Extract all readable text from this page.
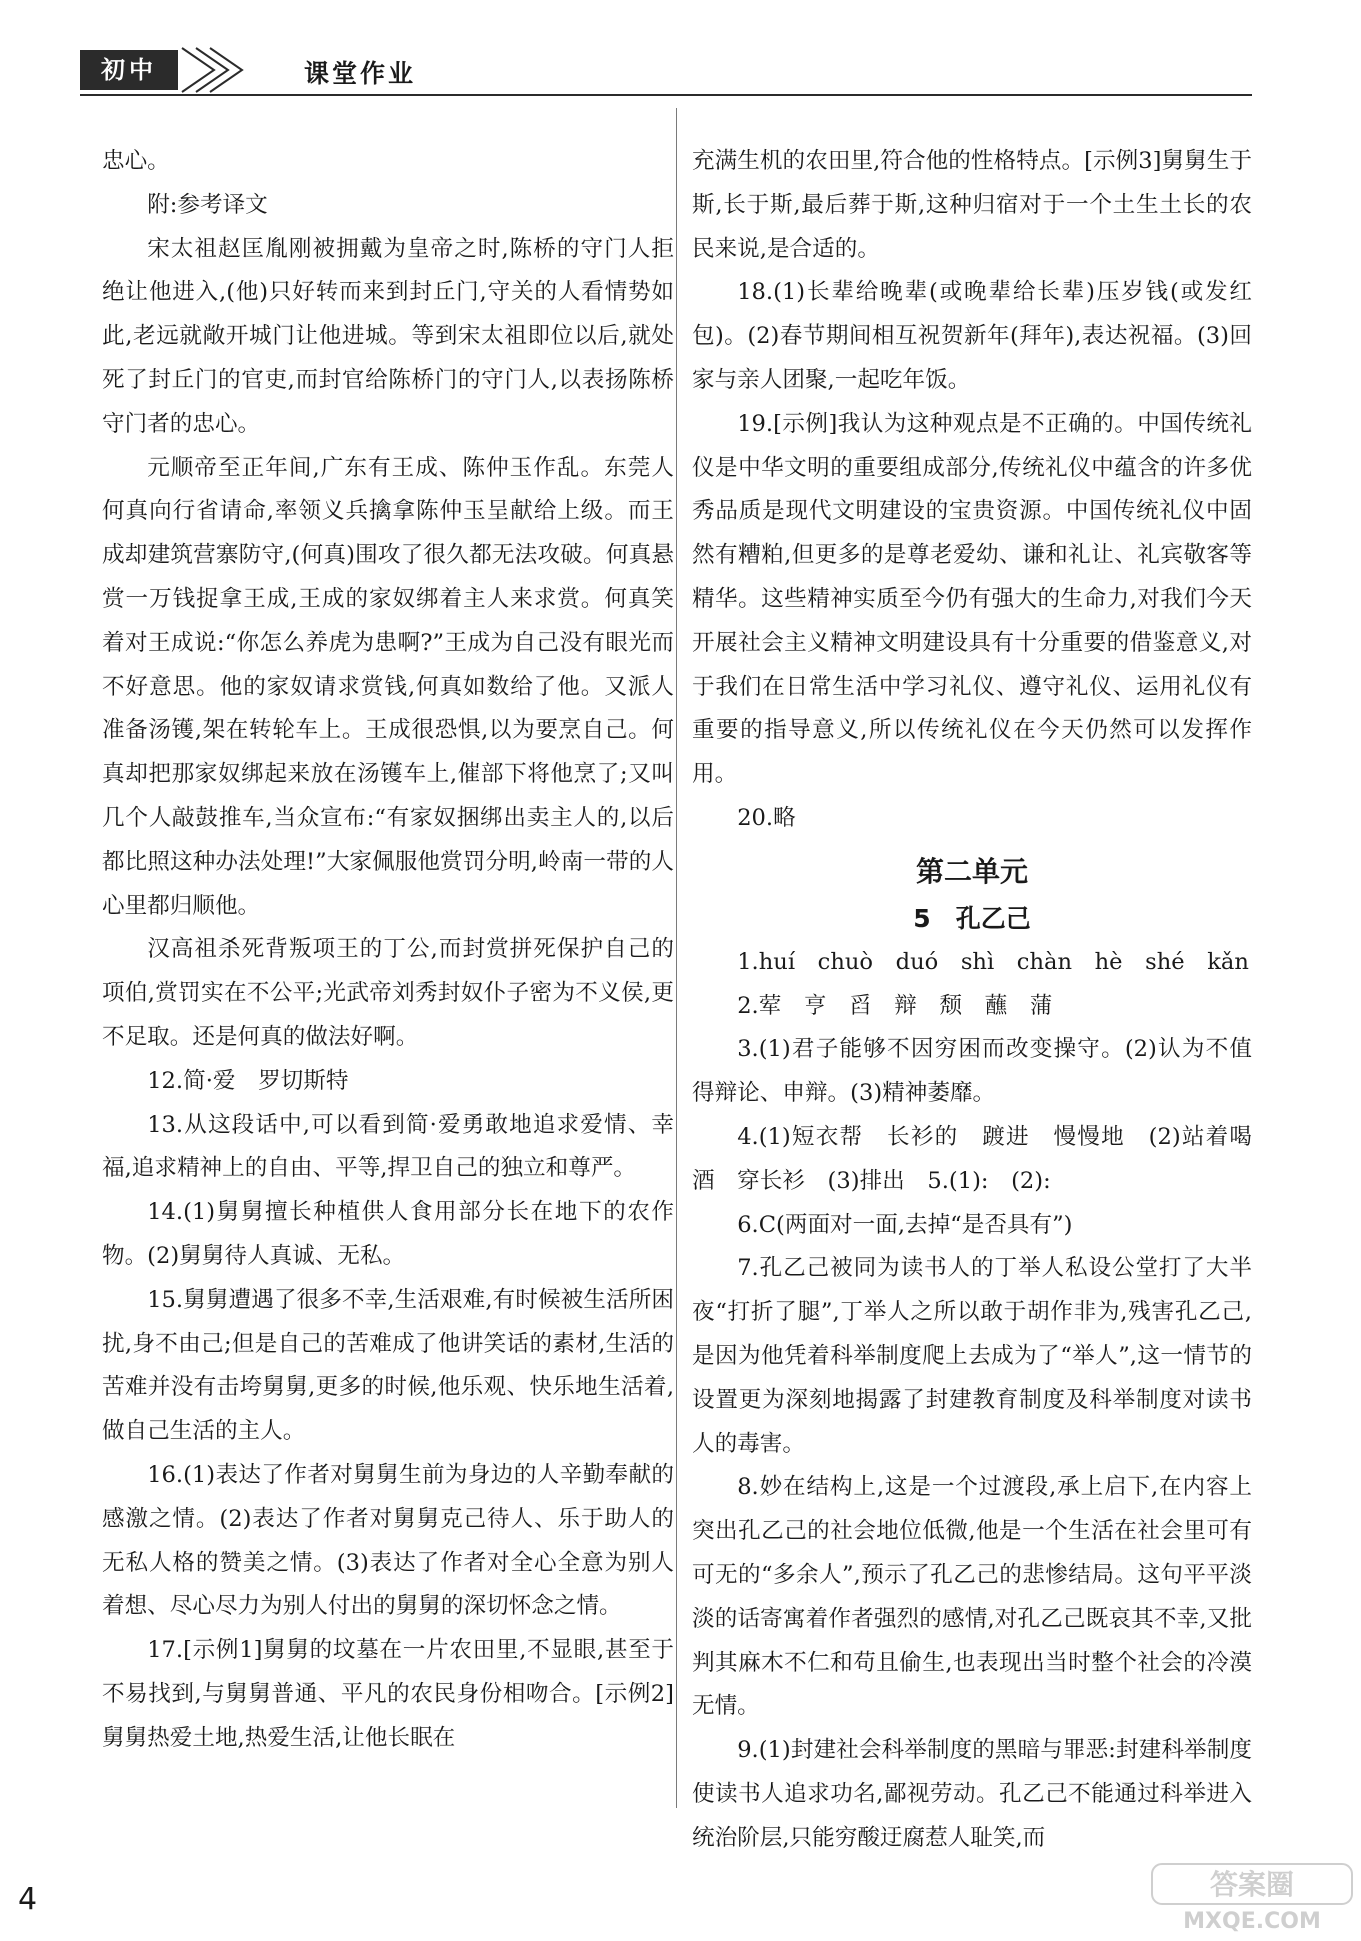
初中	课堂作业

忠心。

附:参考译文

宋太祖赵匡胤刚被拥戴为皇帝之时,陈桥的守门人拒绝让他进入,(他)只好转而来到封丘门,守关的人看情势如此,老远就敞开城门让他进城。等到宋太祖即位以后,就处死了封丘门的官吏,而封官给陈桥门的守门人,以表扬陈桥守门者的忠心。

元顺帝至正年间,广东有王成、陈仲玉作乱。东莞人何真向行省请命,率领义兵擒拿陈仲玉呈献给上级。而王成却建筑营寨防守,(何真)围攻了很久都无法攻破。何真悬赏一万钱捉拿王成,王成的家奴绑着主人来求赏。何真笑着对王成说:“你怎么养虎为患啊?”王成为自己没有眼光而不好意思。他的家奴请求赏钱,何真如数给了他。又派人准备汤镬,架在转轮车上。王成很恐惧,以为要烹自己。何真却把那家奴绑起来放在汤镬车上,催部下将他烹了;又叫几个人敲鼓推车,当众宣布:“有家奴捆绑出卖主人的,以后都比照这种办法处理!”大家佩服他赏罚分明,岭南一带的人心里都归顺他。

汉高祖杀死背叛项王的丁公,而封赏拼死保护自己的项伯,赏罚实在不公平;光武帝刘秀封奴仆子密为不义侯,更不足取。还是何真的做法好啊。

12.简·爱　罗切斯特

13.从这段话中,可以看到简·爱勇敢地追求爱情、幸福,追求精神上的自由、平等,捍卫自己的独立和尊严。

14.(1)舅舅擅长种植供人食用部分长在地下的农作物。(2)舅舅待人真诚、无私。

15.舅舅遭遇了很多不幸,生活艰难,有时候被生活所困扰,身不由己;但是自己的苦难成了他讲笑话的素材,生活的苦难并没有击垮舅舅,更多的时候,他乐观、快乐地生活着,做自己生活的主人。

16.(1)表达了作者对舅舅生前为身边的人辛勤奉献的感激之情。(2)表达了作者对舅舅克己待人、乐于助人的无私人格的赞美之情。(3)表达了作者对全心全意为别人着想、尽心尽力为别人付出的舅舅的深切怀念之情。

17.[示例1]舅舅的坟墓在一片农田里,不显眼,甚至于不易找到,与舅舅普通、平凡的农民身份相吻合。[示例2]舅舅热爱土地,热爱生活,让他长眠在

充满生机的农田里,符合他的性格特点。[示例3]舅舅生于斯,长于斯,最后葬于斯,这种归宿对于一个土生土长的农民来说,是合适的。

18.(1)长辈给晚辈(或晚辈给长辈)压岁钱(或发红包)。(2)春节期间相互祝贺新年(拜年),表达祝福。(3)回家与亲人团聚,一起吃年饭。

19.[示例]我认为这种观点是不正确的。中国传统礼仪是中华文明的重要组成部分,传统礼仪中蕴含的许多优秀品质是现代文明建设的宝贵资源。中国传统礼仪中固然有糟粕,但更多的是尊老爱幼、谦和礼让、礼宾敬客等精华。这些精神实质至今仍有强大的生命力,对我们今天开展社会主义精神文明建设具有十分重要的借鉴意义,对于我们在日常生活中学习礼仪、遵守礼仪、运用礼仪有重要的指导意义,所以传统礼仪在今天仍然可以发挥作用。

20.略

第二单元
5　孔乙己

1.huí　chuò　duó　shì　chàn　hè　shé　kǎn

2.荤　亨　舀　辩　颓　蘸　蒲

3.(1)君子能够不因穷困而改变操守。(2)认为不值得辩论、申辩。(3)精神萎靡。

4.(1)短衣帮　长衫的　踱进　慢慢地　(2)站着喝酒　穿长衫　(3)排出　5.(1):　(2):

6.C(两面对一面,去掉“是否具有”)

7.孔乙己被同为读书人的丁举人私设公堂打了大半夜“打折了腿”,丁举人之所以敢于胡作非为,残害孔乙己,是因为他凭着科举制度爬上去成为了“举人”,这一情节的设置更为深刻地揭露了封建教育制度及科举制度对读书人的毒害。

8.妙在结构上,这是一个过渡段,承上启下,在内容上突出孔乙己的社会地位低微,他是一个生活在社会里可有可无的“多余人”,预示了孔乙己的悲惨结局。这句平平淡淡的话寄寓着作者强烈的感情,对孔乙己既哀其不幸,又批判其麻木不仁和苟且偷生,也表现出当时整个社会的冷漠无情。

9.(1)封建社会科举制度的黑暗与罪恶:封建科举制度使读书人追求功名,鄙视劳动。孔乙己不能通过科举进入统治阶层,只能穷酸迂腐惹人耻笑,而

4	答案圈
MXQE.COM
